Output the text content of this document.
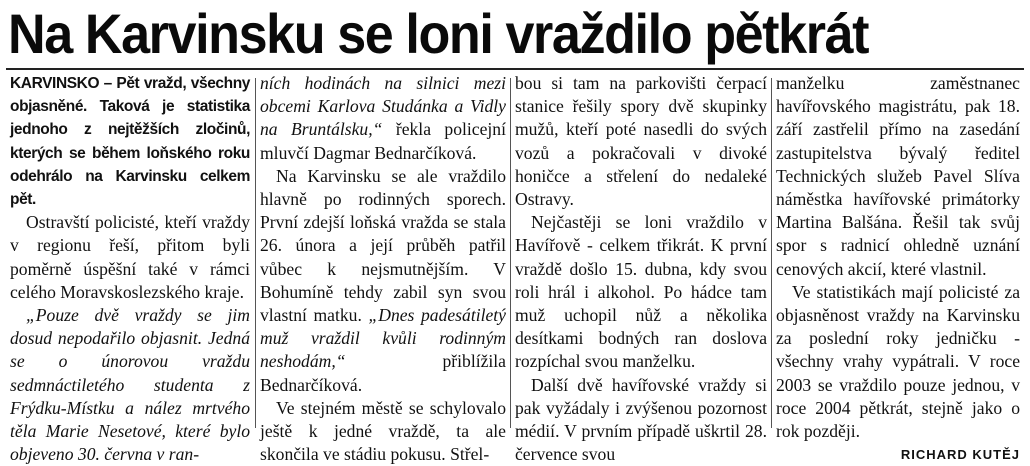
Na Karvinsku se loni vraždilo pětkrát

KARVINSKO – Pět vražd, všechny objasněné. Taková je statistika jednoho z nejtěžších zločinů, kterých se během loňského roku odehrálo na Karvinsku celkem pět.

Ostravští policisté, kteří vraždy v regionu řeší, přitom byli poměrně úspěšní také v rámci celého Moravskoslezského kraje.

„Pouze dvě vraždy se jim dosud nepodařilo objasnit. Jedná se o únorovou vraždu sedmnáctiletého studenta z Frýdku-Místku a nález mrtvého těla Marie Nesetové, které bylo objeveno 30. června v ran-

ních hodinách na silnici mezi obcemi Karlova Studánka a Vidly na Bruntálsku,“ řekla policejní mluvčí Dagmar Bednarčíková.

Na Karvinsku se ale vraždilo hlavně po rodinných sporech. První zdejší loňská vražda se stala 26. února a její průběh patřil vůbec k nejsmutnějším. V Bohumíně tehdy zabil syn svou vlastní matku. „Dnes padesátiletý muž vraždil kvůli rodinným neshodám,“ přiblížila Bednarčíková.

Ve stejném městě se schylovalo ještě k jedné vraždě, ta ale skončila ve stádiu pokusu. Střel-

bou si tam na parkovišti čerpací stanice řešily spory dvě skupinky mužů, kteří poté nasedli do svých vozů a pokračovali v divoké honičce a střelení do nedaleké Ostravy.

Nejčastěji se loni vraždilo v Havířově - celkem třikrát. K první vraždě došlo 15. dubna, kdy svou roli hrál i alkohol. Po hádce tam muž uchopil nůž a několika desítkami bodných ran doslova rozpíchal svou manželku.

Další dvě havířovské vraždy si pak vyžádaly i zvýšenou pozornost médií. V prvním případě uškrtil 28. července svou

manželku zaměstnanec havířovského magistrátu, pak 18. září zastřelil přímo na zasedání zastupitelstva bývalý ředitel Technických služeb Pavel Slíva náměstka havířovské primátorky Martina Balšána. Řešil tak svůj spor s radnicí ohledně uznání cenových akcií, které vlastnil.

Ve statistikách mají policisté za objasněnost vraždy na Karvinsku za poslední roky jedničku - všechny vrahy vypátrali. V roce 2003 se vraždilo pouze jednou, v roce 2004 pětkrát, stejně jako o rok později.

RICHARD KUTĚJ
